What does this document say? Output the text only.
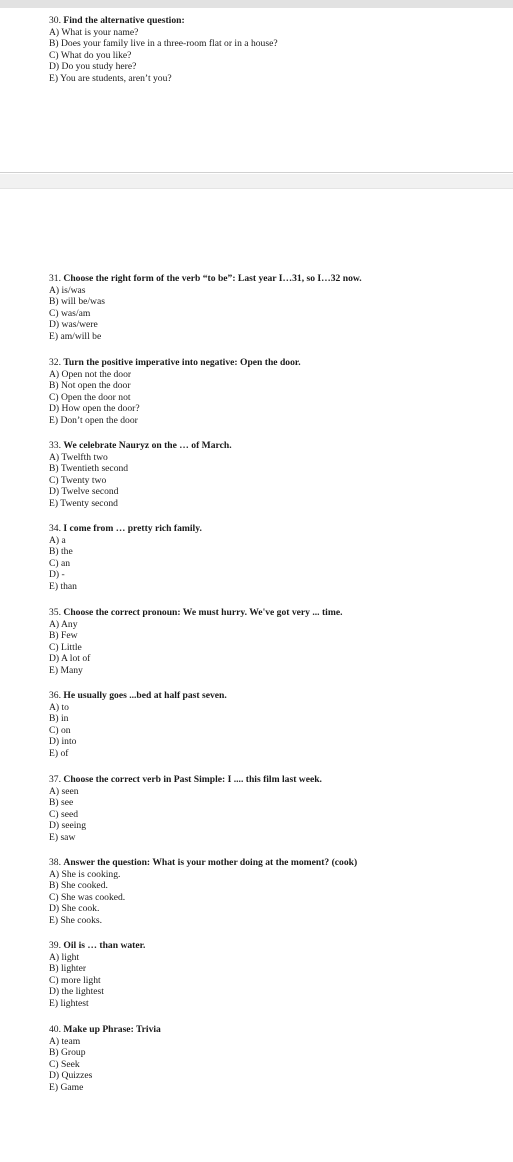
30. Find the alternative question:
A) What is your name?
B) Does your family live in a three-room flat or in a house?
C) What do you like?
D) Do you study here?
E) You are students, aren’t you?
31. Choose the right form of the verb “to be”: Last year I…31, so I…32 now.
A) is/was
B) will be/was
C) was/am
D) was/were
E) am/will be
32. Turn the positive imperative into negative: Open the door.
A) Open not the door
B) Not open the door
C) Open the door not
D) How open the door?
E) Don’t open the door
33. We celebrate Nauryz on the … of March.
A) Twelfth two
B) Twentieth second
C) Twenty two
D) Twelve second
E) Twenty second
34. I come from … pretty rich family.
A) a
B) the
C) an
D) -
E) than
35. Choose the correct pronoun: We must hurry. We've got very ... time.
A) Any
B) Few
C) Little
D) A lot of
E) Many
36. He usually goes ...bed at half past seven.
A) to
B) in
C) on
D) into
E) of
37. Choose the correct verb in Past Simple: I .... this film last week.
A) seen
B) see
C) seed
D) seeing
E) saw
38. Answer the question: What is your mother doing at the moment? (cook)
A) She is cooking.
B) She cooked.
C) She was cooked.
D) She cook.
E) She cooks.
39. Oil is … than water.
A) light
B) lighter
C) more light
D) the lightest
E) lightest
40. Make up Phrase: Trivia
A) team
B) Group
C) Seek
D) Quizzes
E) Game
